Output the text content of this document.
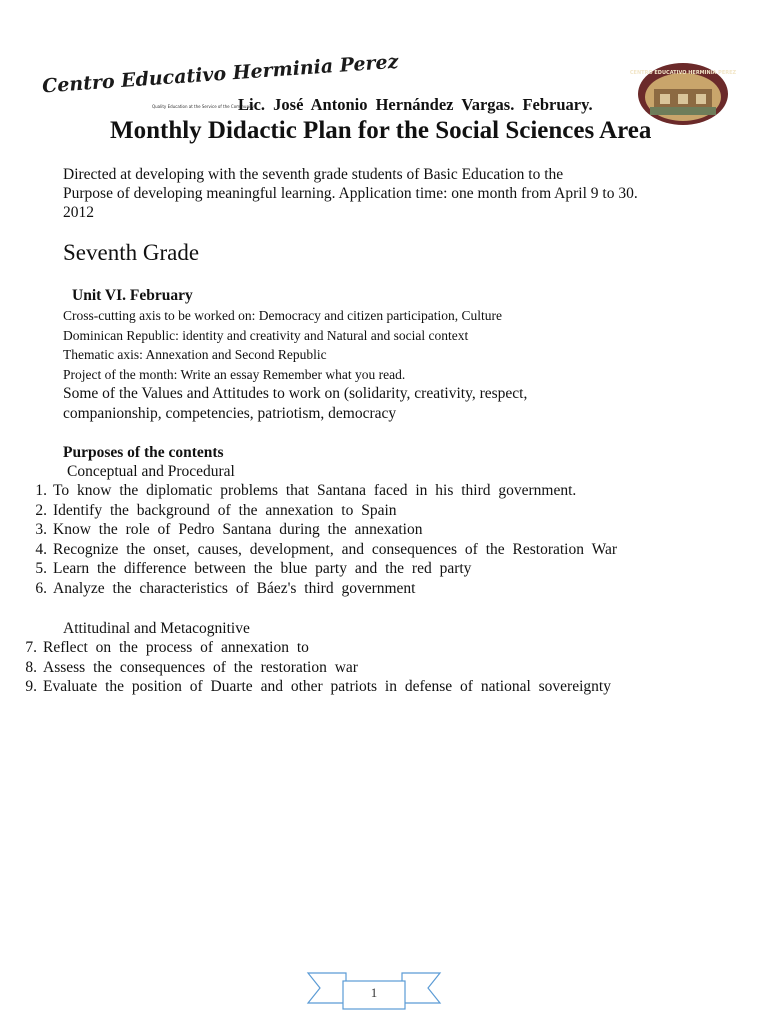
Centro Educativo Herminia Perez
Quality Education at the Service of the Community
CENTRO EDUCATIVO HERMINIA PEREZ
Lic. José Antonio Hernández Vargas. February.
Monthly Didactic Plan for the Social Sciences Area
Directed at developing with the seventh grade students of Basic Education to the
Purpose of developing meaningful learning. Application time: one month from April 9 to 30.
2012
Seventh Grade
Unit VI. February
Cross-cutting axis to be worked on: Democracy and citizen participation, Culture
Dominican Republic: identity and creativity and Natural and social context
Thematic axis: Annexation and Second Republic
Project of the month: Write an essay Remember what you read.
Some of the Values and Attitudes to work on (solidarity, creativity, respect,
companionship, competencies, patriotism, democracy
Purposes of the contents
Conceptual and Procedural
1. To know the diplomatic problems that Santana faced in his third government.
2. Identify the background of the annexation to Spain
3. Know the role of Pedro Santana during the annexation
4. Recognize the onset, causes, development, and consequences of the Restoration War
5. Learn the difference between the blue party and the red party
6. Analyze the characteristics of Báez's third government
Attitudinal and Metacognitive
7. Reflect on the process of annexation to
8. Assess the consequences of the restoration war
9. Evaluate the position of Duarte and other patriots in defense of national sovereignty
1
